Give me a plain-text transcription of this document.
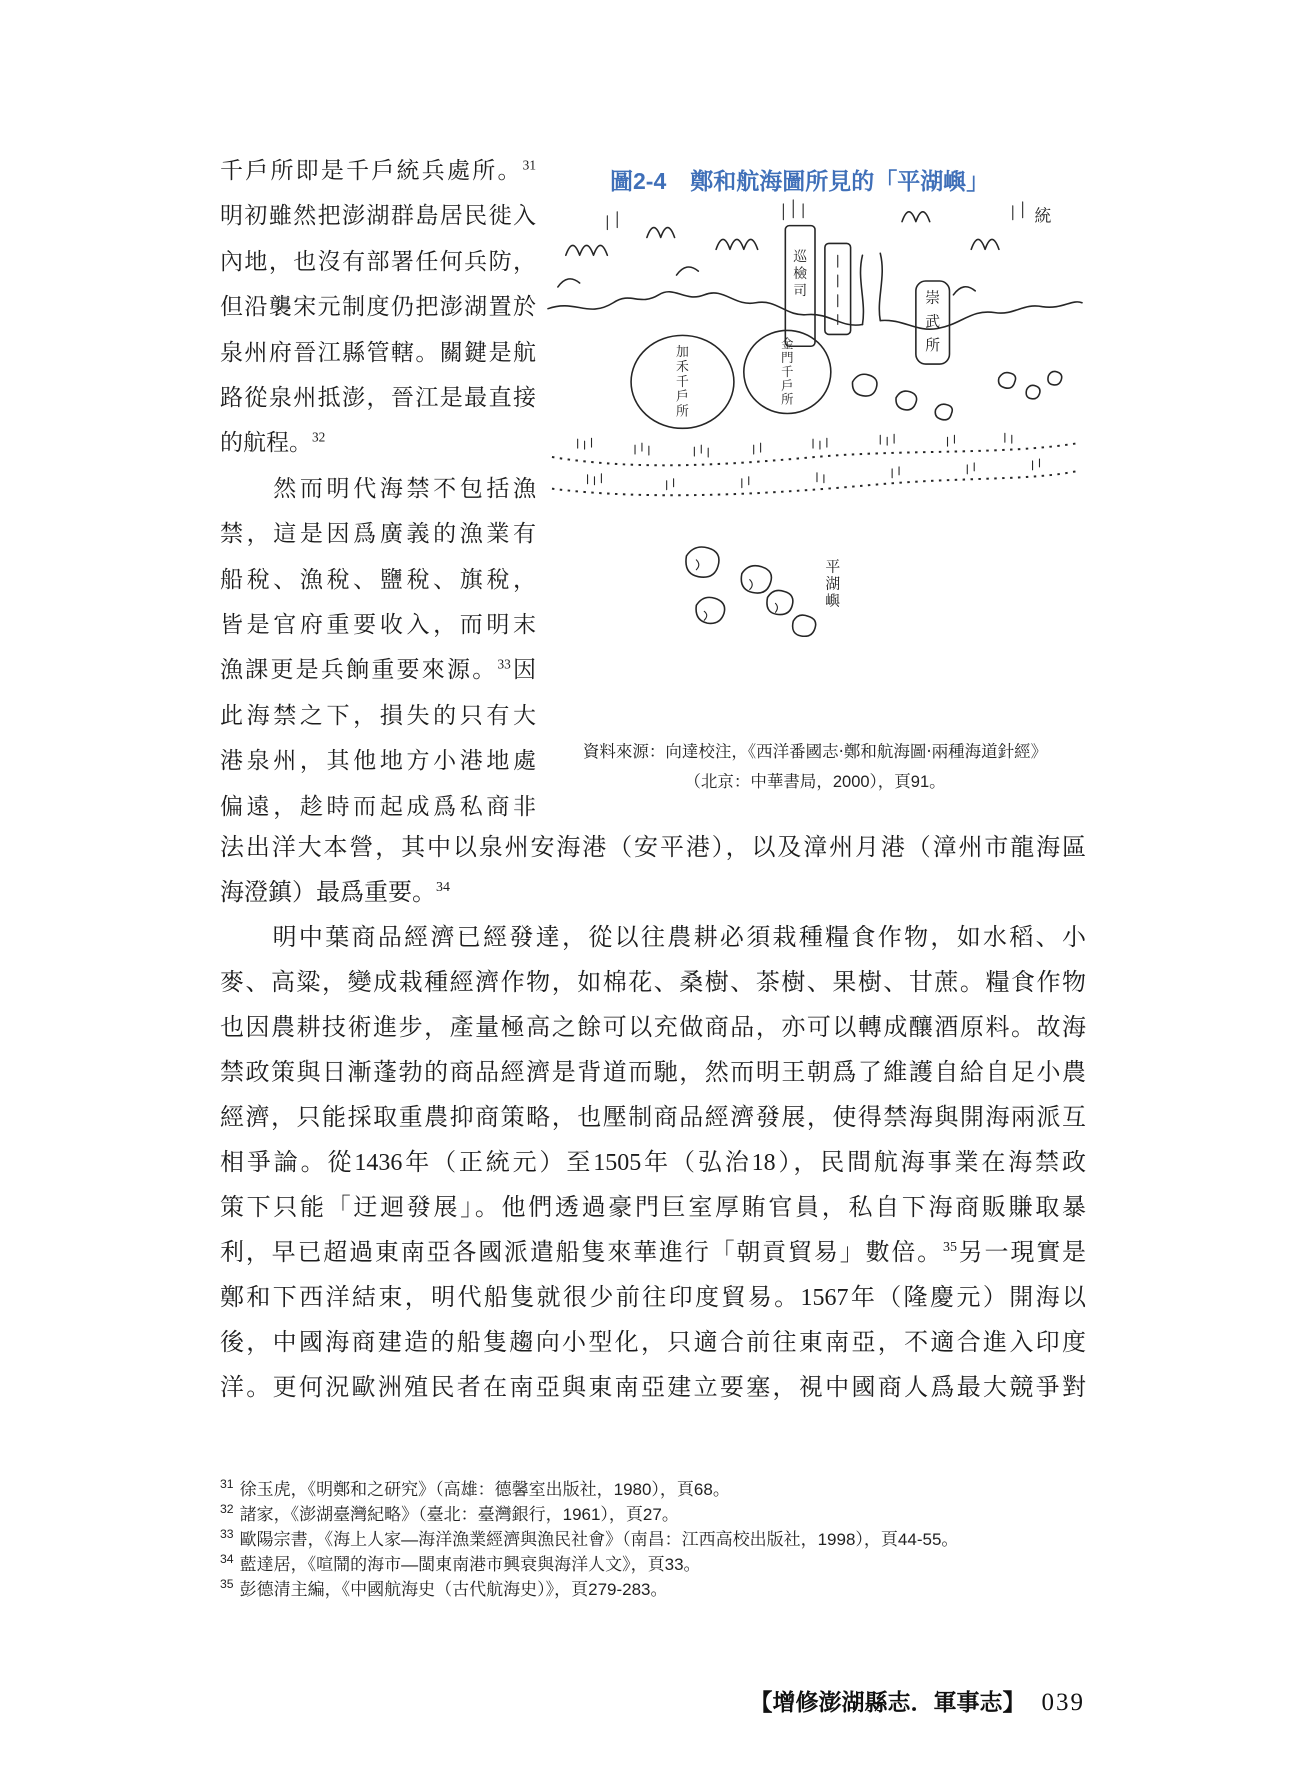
千戶所即是千戶統兵處所。$^{31}$
明初雖然把澎湖群島居民徙入
內地，也沒有部署任何兵防，
但沿襲宋元制度仍把澎湖置於
泉州府晉江縣管轄。關鍵是航
路從泉州抵澎，晉江是最直接
的航程。$^{32}$
然而明代海禁不包括漁
禁，這是因爲廣義的漁業有
船稅、漁稅、鹽稅、旗稅，
皆是官府重要收入，而明末
漁課更是兵餉重要來源。$^{33}$因
此海禁之下，損失的只有大
港泉州，其他地方小港地處
偏遠，趁時而起成爲私商非
圖2-4 鄭和航海圖所見的「平湖嶼」
巡檢司
崇武所
統
加禾千戶所
金門千戶所
平湖嶼
資料來源：向達校注，《西洋番國志‧鄭和航海圖‧兩種海道針經》
（北京：中華書局，2000），頁91。
法出洋大本營，其中以泉州安海港（安平港），以及漳州月港（漳州市龍海區
海澄鎮）最爲重要。$^{34}$
明中葉商品經濟已經發達，從以往農耕必須栽種糧食作物，如水稻、小
麥、高粱，變成栽種經濟作物，如棉花、桑樹、茶樹、果樹、甘蔗。糧食作物
也因農耕技術進步，產量極高之餘可以充做商品，亦可以轉成釀酒原料。故海
禁政策與日漸蓬勃的商品經濟是背道而馳，然而明王朝爲了維護自給自足小農
經濟，只能採取重農抑商策略，也壓制商品經濟發展，使得禁海與開海兩派互
相爭論。從1436年（正統元）至1505年（弘治18），民間航海事業在海禁政
策下只能「迂迴發展」。他們透過豪門巨室厚賄官員，私自下海商販賺取暴
利，早已超過東南亞各國派遣船隻來華進行「朝貢貿易」數倍。$^{35}$另一現實是
鄭和下西洋結束，明代船隻就很少前往印度貿易。1567年（隆慶元）開海以
後，中國海商建造的船隻趨向小型化，只適合前往東南亞，不適合進入印度
洋。更何況歐洲殖民者在南亞與東南亞建立要塞，視中國商人爲最大競爭對
$^{31}$ 徐玉虎，《明鄭和之研究》（高雄：德馨室出版社，1980），頁68。
$^{32}$ 諸家，《澎湖臺灣紀略》（臺北：臺灣銀行，1961），頁27。
$^{33}$ 歐陽宗書，《海上人家—海洋漁業經濟與漁民社會》（南昌：江西高校出版社，1998），頁44-55。
$^{34}$ 藍達居，《喧鬧的海市—閩東南港市興衰與海洋人文》，頁33。
$^{35}$ 彭德清主編，《中國航海史（古代航海史）》，頁279-283。
【增修澎湖縣志．軍事志】 039
